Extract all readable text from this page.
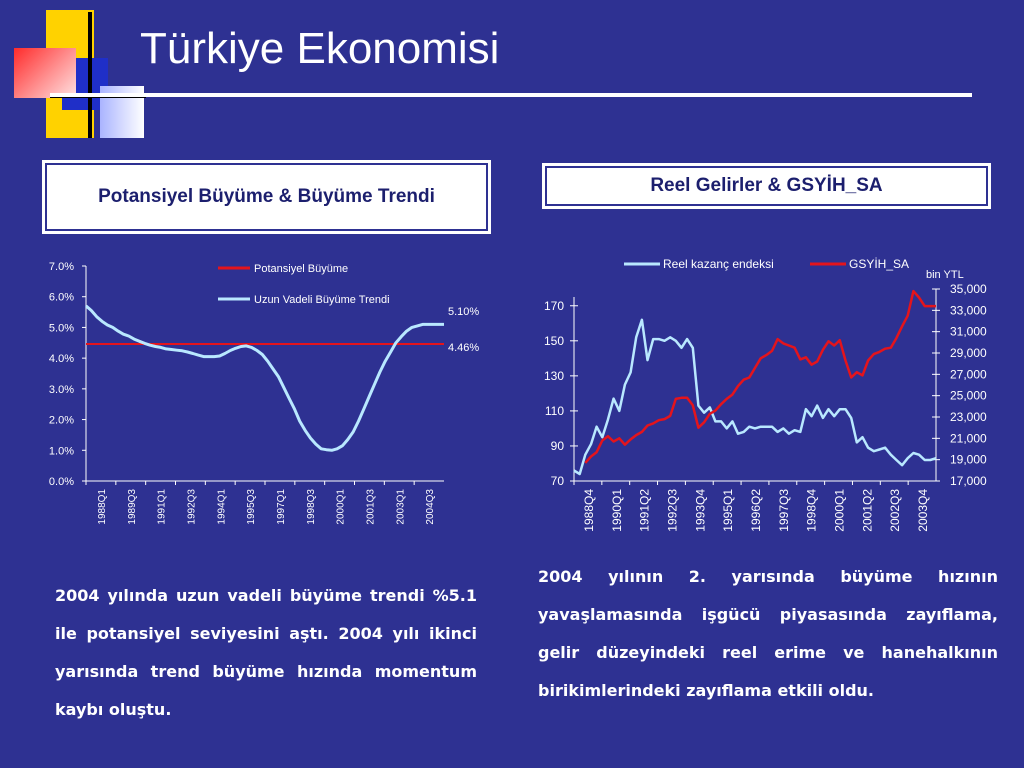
Türkiye Ekonomisi
Potansiyel Büyüme & Büyüme Trendi
Reel Gelirler & GSYİH_SA
0.0%
1.0%
2.0%
3.0%
4.0%
5.0%
6.0%
7.0%
1988Q1 1989Q3 1991Q1 1992Q3 1994Q1 1995Q3 1997Q1 1998Q3 2000Q1 2001Q3 2003Q1 2004Q3
5.10%
4.46%
Potansiyel Büyüme
Uzun Vadeli Büyüme Trendi
70
90
110
130
150
170
17,000
19,000
21,000
23,000
25,000
27,000
29,000
31,000
33,000
35,000
bin YTL
1988Q4 1990Q1 1991Q2 1992Q3 1993Q4 1995Q1 1996Q2 1997Q3 1998Q4 2000Q1 2001Q2 2002Q3 2003Q4
Reel kazanç endeksi	GSYİH_SA
2004 yılında uzun vadeli büyüme trendi %5.1 ile potansiyel seviyesini aştı. 2004 yılı ikinci yarısında trend büyüme hızında momentum kaybı oluştu.
2004 yılının 2. yarısında büyüme hızının yavaşlamasında işgücü piyasasında zayıflama, gelir düzeyindeki reel erime ve hanehalkının birikimlerindeki zayıflama etkili oldu.
